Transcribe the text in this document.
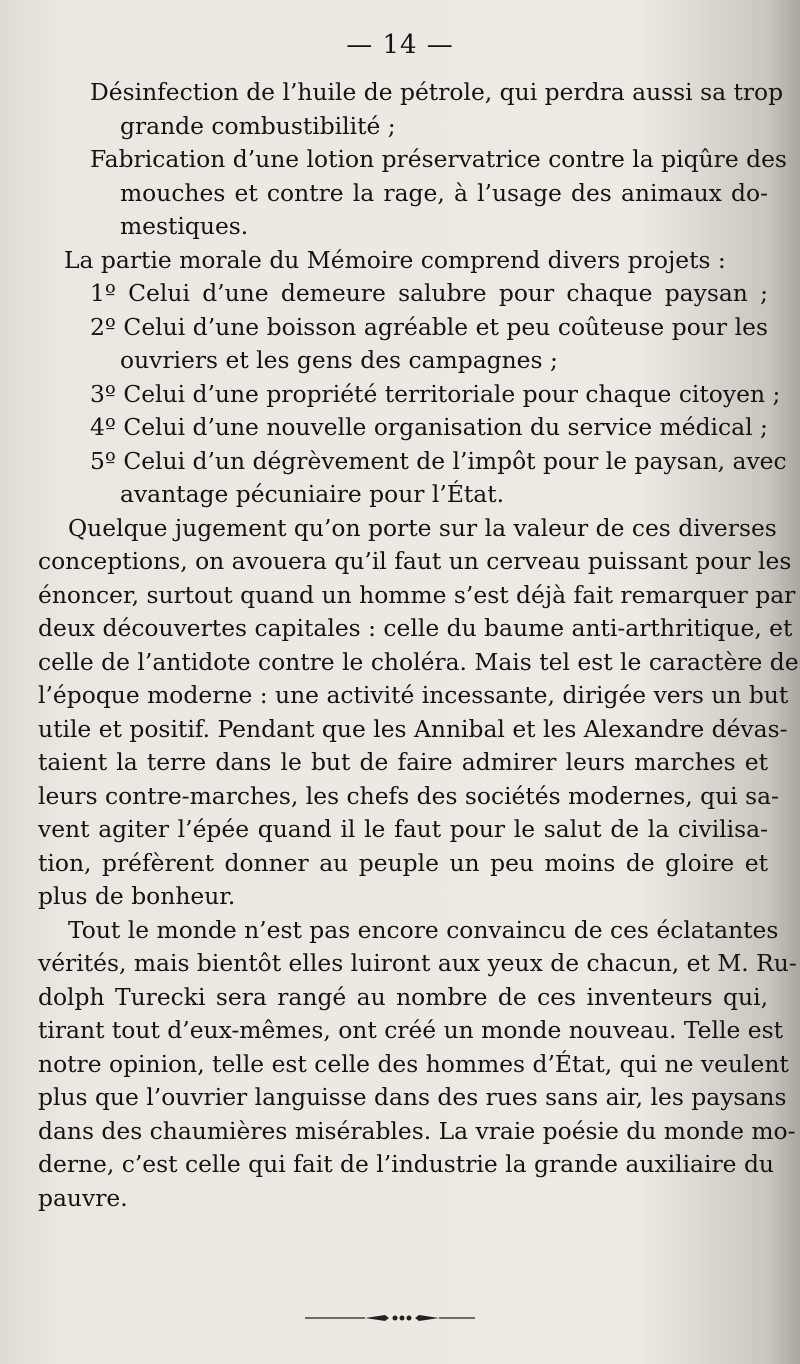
— 14 —
Désinfection de l’huile de pétrole, qui perdra aussi sa trop
grande combustibilité ;
Fabrication d’une lotion préservatrice contre la piqûre des
mouches et contre la rage, à l’usage des animaux do-
mestiques.
La partie morale du Mémoire comprend divers projets :
1º Celui d’une demeure salubre pour chaque paysan ;
2º Celui d’une boisson agréable et peu coûteuse pour les
ouvriers et les gens des campagnes ;
3º Celui d’une propriété territoriale pour chaque citoyen ;
4º Celui d’une nouvelle organisation du service médical ;
5º Celui d’un dégrèvement de l’impôt pour le paysan, avec
avantage pécuniaire pour l’État.
Quelque jugement qu’on porte sur la valeur de ces diverses
conceptions, on avouera qu’il faut un cerveau puissant pour les
énoncer, surtout quand un homme s’est déjà fait remarquer par
deux découvertes capitales : celle du baume anti-arthritique, et
celle de l’antidote contre le choléra. Mais tel est le caractère de
l’époque moderne : une activité incessante, dirigée vers un but
utile et positif. Pendant que les Annibal et les Alexandre dévas-
taient la terre dans le but de faire admirer leurs marches et
leurs contre-marches, les chefs des sociétés modernes, qui sa-
vent agiter l’épée quand il le faut pour le salut de la civilisa-
tion, préfèrent donner au peuple un peu moins de gloire et
plus de bonheur.
Tout le monde n’est pas encore convaincu de ces éclatantes
vérités, mais bientôt elles luiront aux yeux de chacun, et M. Ru-
dolph Turecki sera rangé au nombre de ces inventeurs qui,
tirant tout d’eux-mêmes, ont créé un monde nouveau. Telle est
notre opinion, telle est celle des hommes d’État, qui ne veulent
plus que l’ouvrier languisse dans des rues sans air, les paysans
dans des chaumières misérables. La vraie poésie du monde mo-
derne, c’est celle qui fait de l’industrie la grande auxiliaire du
pauvre.
